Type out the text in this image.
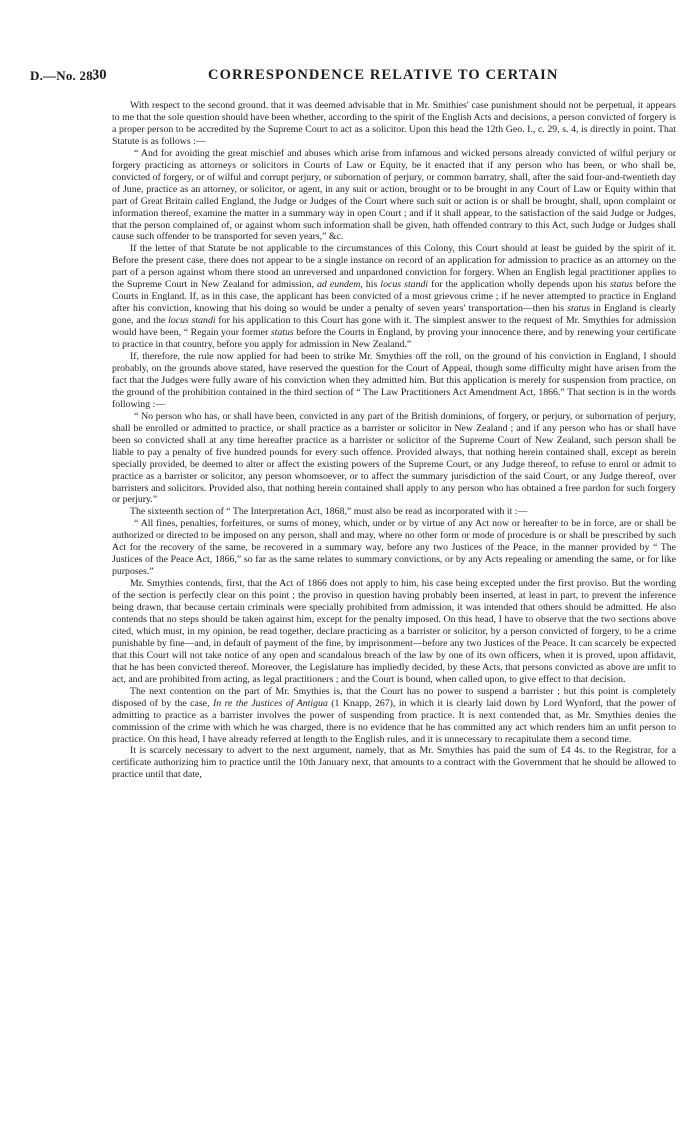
D.—No. 28.
30	CORRESPONDENCE RELATIVE TO CERTAIN

With respect to the second ground. that it was deemed advisable that in Mr. Smithies' case punishment should not be perpetual, it appears to me that the sole question should have been whether, according to the spirit of the English Acts and decisions, a person convicted of forgery is a proper person to be accredited by the Supreme Court to act as a solicitor. Upon this head the 12th Geo. I., c. 29, s. 4, is directly in point. That Statute is as follows :—

“ And for avoiding the great mischief and abuses which arise from infamous and wicked persons already convicted of wilful perjury or forgery practicing as attorneys or solicitors in Courts of Law or Equity, be it enacted that if any person who has been, or who shall be, convicted of forgery, or of wilful and corrupt perjury, or subornation of perjury, or common barratry, shall, after the said four-and-twentieth day of June, practice as an attorney, or solicitor, or agent, in any suit or action, brought or to be brought in any Court of Law or Equity within that part of Great Britain called England, the Judge or Judges of the Court where such suit or action is or shall be brought, shall, upon complaint or information thereof, examine the matter in a summary way in open Court ; and if it shall appear, to the satisfaction of the said Judge or Judges, that the person complained of, or against whom such information shall be given, hath offended contrary to this Act, such Judge or Judges shall cause such offender to be transported for seven years,” &c.

If the letter of that Statute be not applicable to the circumstances of this Colony, this Court should at least be guided by the spirit of it. Before the present case, there does not appear to be a single instance on record of an application for admission to practice as an attorney on the part of a person against whom there stood an unreversed and unpardoned conviction for forgery. When an English legal practitioner applies to the Supreme Court in New Zealand for admission, ad eundem, his locus standi for the application wholly depends upon his status before the Courts in England. If, as in this case, the applicant has been convicted of a most grievous crime ; if he never attempted to practice in England after his conviction, knowing that his doing so would be under a penalty of seven years' transportation—then his status in England is clearly gone, and the locus standi for his application to this Court has gone with it. The simplest answer to the request of Mr. Smythies for admission would have been, “ Regain your former status before the Courts in England, by proving your innocence there, and by renewing your certificate to practice in that country, before you apply for admission in New Zealand.”

If, therefore, the rule now applied for had been to strike Mr. Smythies off the roll, on the ground of his conviction in England, I should probably, on the grounds above stated, have reserved the question for the Court of Appeal, though some difficulty might have arisen from the fact that the Judges were fully aware of his conviction when they admitted him. But this application is merely for suspension from practice, on the ground of the prohibition contained in the third section of “ The Law Practitioners Act Amendment Act, 1866.” That section is in the words following :—

“ No person who has, or shall have been, convicted in any part of the British dominions, of forgery, or perjury, or subornation of perjury, shall be enrolled or admitted to practice, or shall practice as a barrister or solicitor in New Zealand ; and if any person who has or shall have been so convicted shall at any time hereafter practice as a barrister or solicitor of the Supreme Court of New Zealand, such person shall be liable to pay a penalty of five hundred pounds for every such offence. Provided always, that nothing herein contained shall, except as herein specially provided, be deemed to alter or affect the existing powers of the Supreme Court, or any Judge thereof, to refuse to enrol or admit to practice as a barrister or solicitor, any person whomsoever, or to affect the summary jurisdiction of the said Court, or any Judge thereof, over barristers and solicitors. Provided also, that nothing herein contained shall apply to any person who has obtained a free pardon for such forgery or perjury.”

The sixteenth section of “ The Interpretation Act, 1868,” must also be read as incorporated with it :—

“ All fines, penalties, forfeitures, or sums of money, which, under or by virtue of any Act now or hereafter to be in force, are or shall be authorized or directed to be imposed on any person, shall and may, where no other form or mode of procedure is or shall be prescribed by such Act for the recovery of the same, be recovered in a summary way, before any two Justices of the Peace, in the manner provided by “ The Justices of the Peace Act, 1866,” so far as the same relates to summary convictions, or by any Acts repealing or amending the same, or for like purposes.”

Mr. Smythies contends, first, that the Act of 1866 does not apply to him, his case being excepted under the first proviso. But the wording of the section is perfectly clear on this point ; the proviso in question having probably been inserted, at least in part, to prevent the inference being drawn, that because certain criminals were specially prohibited from admission, it was intended that others should be admitted. He also contends that no steps should be taken against him, except for the penalty imposed. On this head, I have to observe that the two sections above cited, which must, in my opinion, be read together, declare practicing as a barrister or solicitor, by a person convicted of forgery, to be a crime punishable by fine—and, in default of payment of the fine, by imprisonment—before any two Justices of the Peace. It can scarcely be expected that this Court will not take notice of any open and scandalous breach of the law by one of its own officers, when it is proved, upon affidavit, that he has been convicted thereof. Moreover, the Legislature has impliedly decided, by these Acts, that persons convicted as above are unfit to act, and are prohibited from acting, as legal practitioners ; and the Court is bound, when called upon, to give effect to that decision.

The next contention on the part of Mr. Smythies is, that the Court has no power to suspend a barrister ; but this point is completely disposed of by the case, In re the Justices of Antigua (1 Knapp, 267), in which it is clearly laid down by Lord Wynford, that the power of admitting to practice as a barrister involves the power of suspending from practice. It is next contended that, as Mr. Smythies denies the commission of the crime with which he was charged, there is no evidence that he has committed any act which renders him an unfit person to practice. On this head, I have already referred at length to the English rules, and it is unnecessary to recapitulate them a second time.

It is scarcely necessary to advert to the next argument, namely, that as Mr. Smythies has paid the sum of £4 4s. to the Registrar, for a certificate authorizing him to practice until the 10th January next, that amounts to a contract with the Government that he should be allowed to practice until that date,
